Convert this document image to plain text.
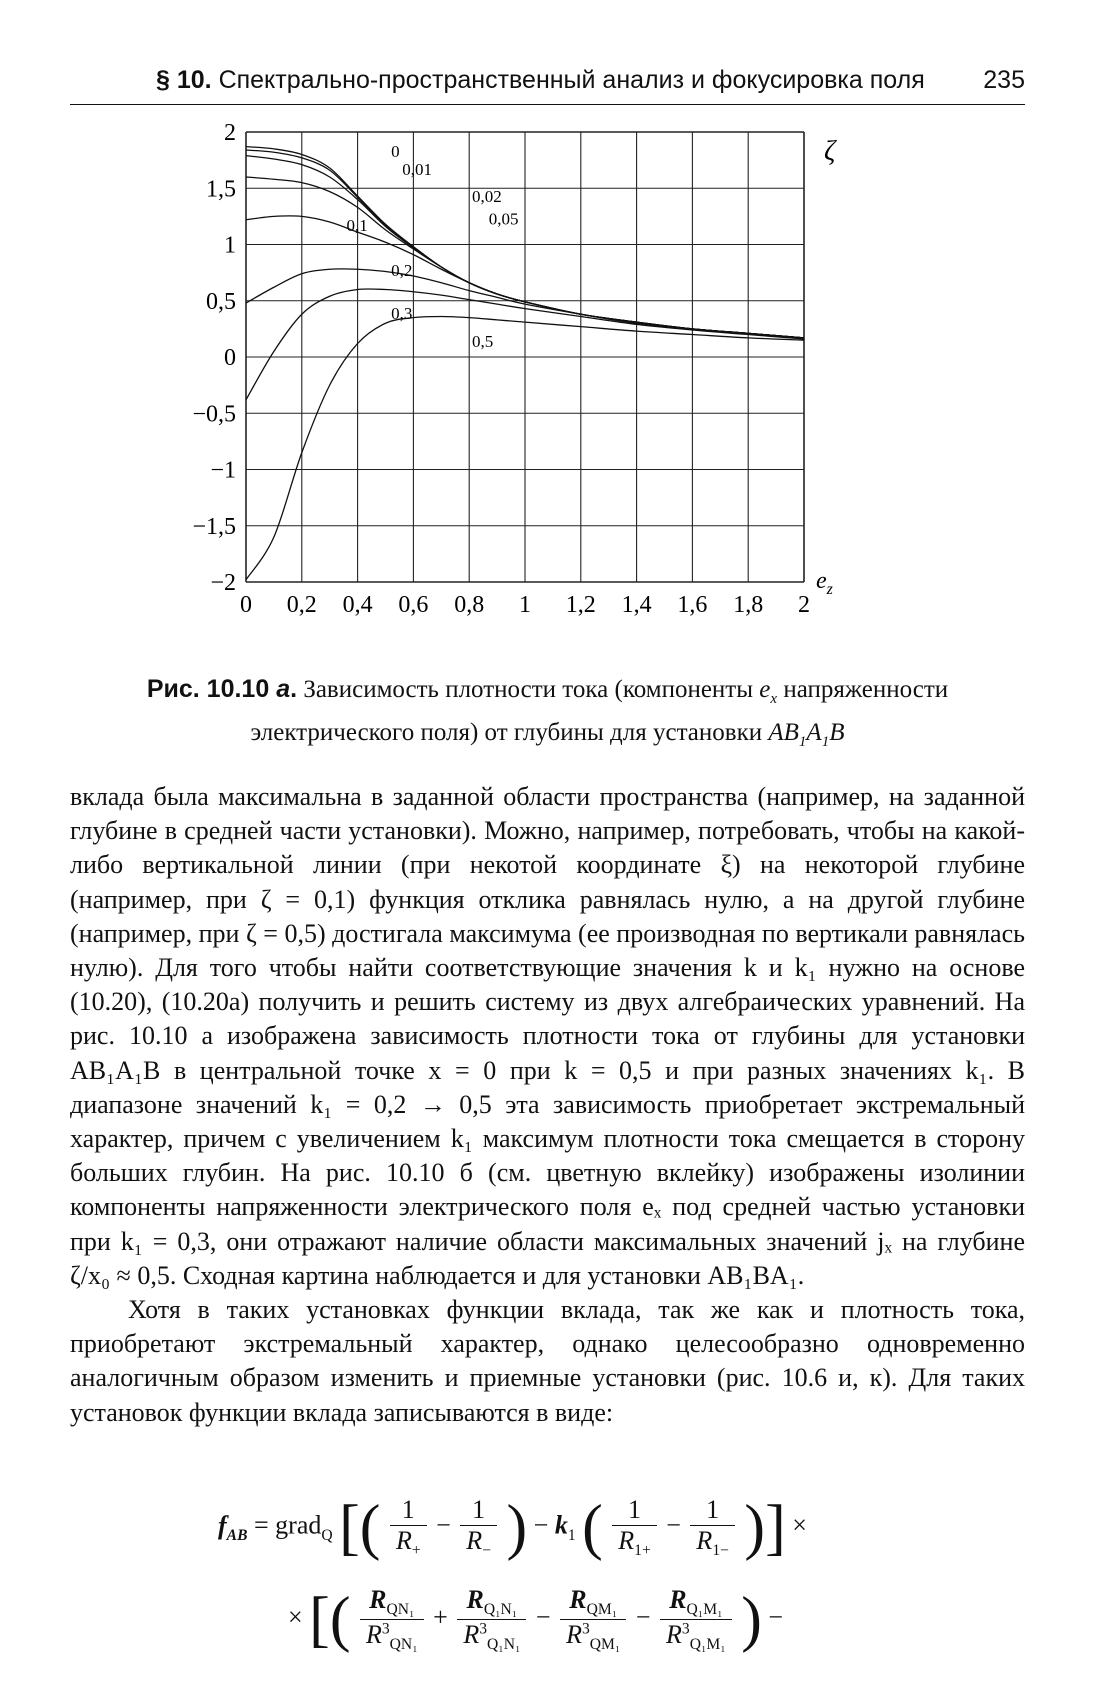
§ 10. Спектрально-пространственный анализ и фокусировка поля 235
0 0,2 0,4 0,6 0,8 1 1,2 1,4 1,6 1,8 2
2
1,5
1
0,5
0
−0,5
−1
−1,5
−2
0
0,01
0,02
0,05
0,1
0,2
0,3
0,5
ζ
$e_z$
Рис. 10.10 а. Зависимость плотности тока (компоненты $e_x$ напряженности
электрического поля) от глубины для установки $AB_1A_1B$

вклада была максимальна в заданной области пространства (например, на заданной глубине в средней части установки). Можно, например, потребовать, чтобы на какой-либо вертикальной линии (при некотой координате ξ) на некоторой глубине (например, при ζ = 0,1) функция отклика равнялась нулю, а на другой глубине (например, при ζ = 0,5) достигала максимума (ее производная по вертикали равнялась нулю). Для того чтобы найти соответствующие значения k и k₁ нужно на основе (10.20), (10.20а) получить и решить систему из двух алгебраических уравнений. На рис. 10.10 а изображена зависимость плотности тока от глубины для установки AB₁A₁B в центральной точке x = 0 при k = 0,5 и при разных значениях k₁. В диапазоне значений k₁ = 0,2 → 0,5 эта зависимость приобретает экстремальный характер, причем с увеличением k₁ максимум плотности тока смещается в сторону больших глубин. На рис. 10.10 б (см. цветную вклейку) изображены изолинии компоненты напряженности электрического поля eₓ под средней частью установки при k₁ = 0,3, они отражают наличие области максимальных значений jₓ на глубине ζ/x₀ ≈ 0,5. Сходная картина наблюдается и для установки AB₁BA₁.

Хотя в таких установках функции вклада, так же как и плотность тока, приобретают экстремальный характер, однако целесообразно одновременно аналогичным образом изменить и приемные установки (рис. 10.6 и, к). Для таких установок функции вклада записываются в виде:

$f_{AB}$ = grad$_Q$ [( $\frac{1}{R_+} - \frac{1}{R_-}$ ) − $k_1$ ( $\frac{1}{R_{1+}} - \frac{1}{R_{1-}}$ )] ×
× [( $R_{QN_1}$
$R^3_{QN_1}$
+ $\frac{R_{Q_1N_1}}{R^3_{Q_1N_1}}$ −
$R_{QM_1}$
$R^3_{QM_1}$
− $\frac{R_{Q_1M_1}}{R^3_{Q_1M_1}}$ ) −
